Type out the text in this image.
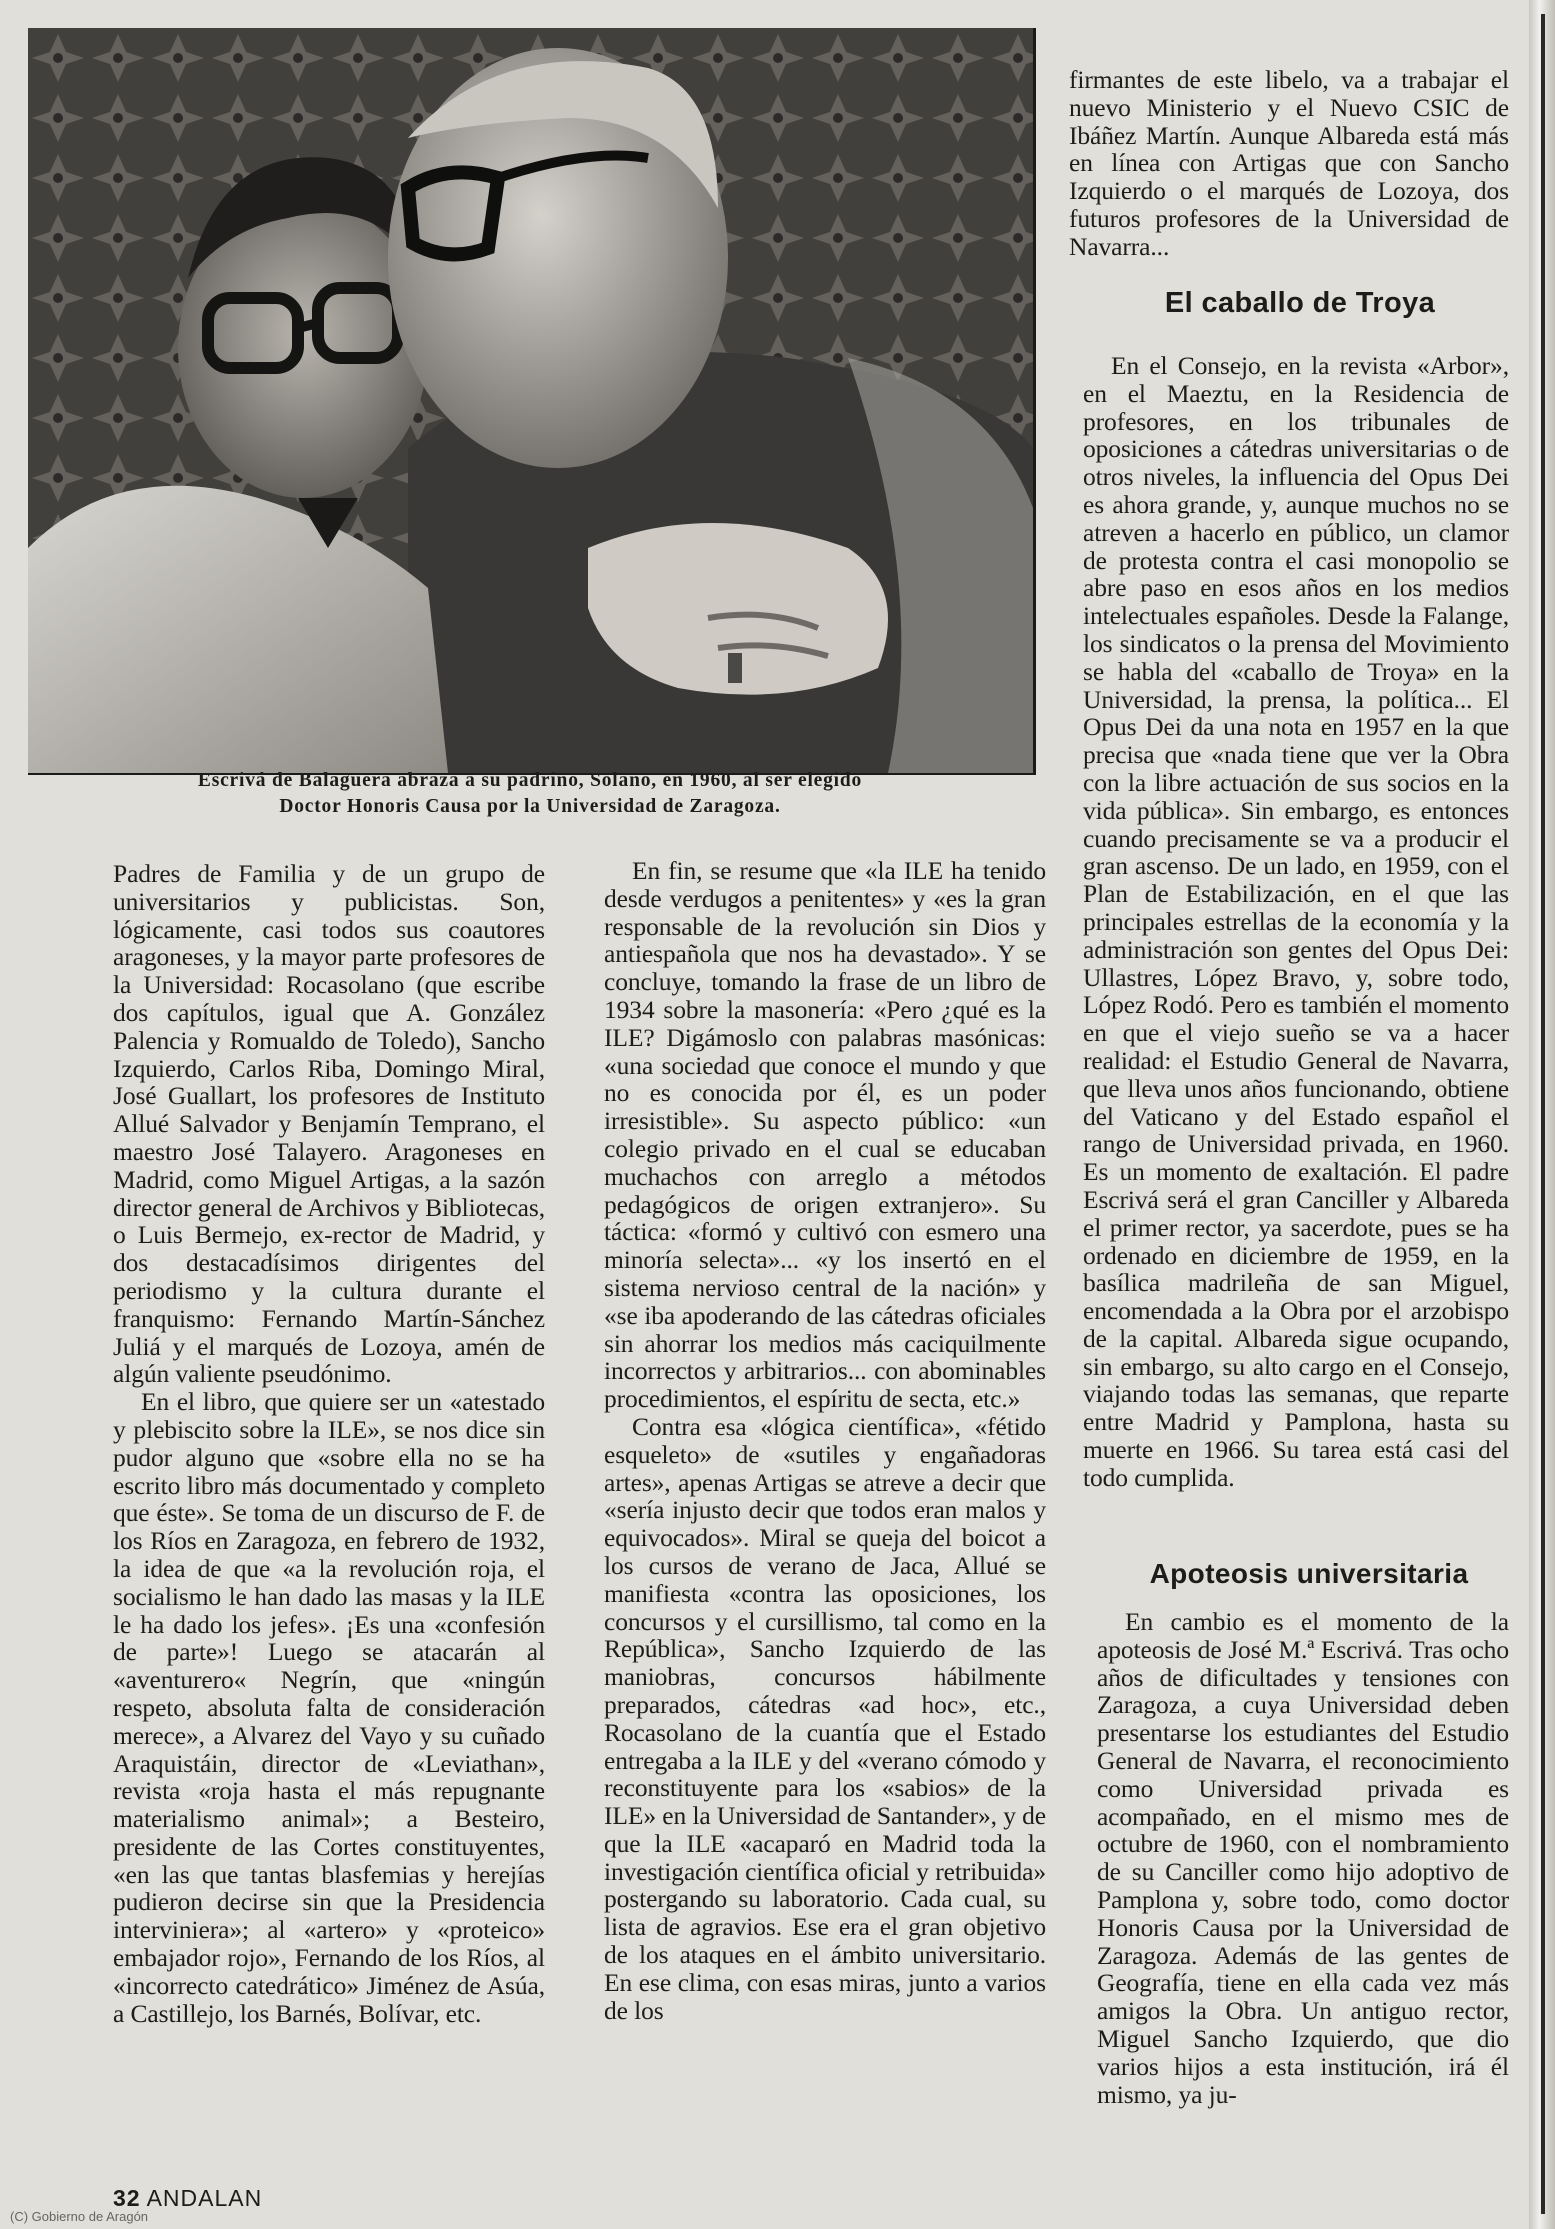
Escrivá de Balaguera abraza a su padrino, Solano, en 1960, al ser elegido
Doctor Honoris Causa por la Universidad de Zaragoza.

Padres de Familia y de un grupo de universitarios y publicistas. Son, lógicamente, casi todos sus coautores aragoneses, y la mayor parte profesores de la Universidad: Rocasolano (que escribe dos capítulos, igual que A. González Palencia y Romualdo de Toledo), Sancho Izquierdo, Carlos Riba, Domingo Miral, José Guallart, los profesores de Instituto Allué Salvador y Benjamín Temprano, el maestro José Talayero. Aragoneses en Madrid, como Miguel Artigas, a la sazón director general de Archivos y Bibliotecas, o Luis Bermejo, ex-rector de Madrid, y dos destacadísimos dirigentes del periodismo y la cultura durante el franquismo: Fernando Martín-Sánchez Juliá y el marqués de Lozoya, amén de algún valiente pseudónimo.

En el libro, que quiere ser un «atestado y plebiscito sobre la ILE», se nos dice sin pudor alguno que «sobre ella no se ha escrito libro más documentado y completo que éste». Se toma de un discurso de F. de los Ríos en Zaragoza, en febrero de 1932, la idea de que «a la revolución roja, el socialismo le han dado las masas y la ILE le ha dado los jefes». ¡Es una «confesión de parte»! Luego se atacarán al «aventurero« Negrín, que «ningún respeto, absoluta falta de consideración merece», a Alvarez del Vayo y su cuñado Araquistáin, director de «Leviathan», revista «roja hasta el más repugnante materialismo animal»; a Besteiro, presidente de las Cortes constituyentes, «en las que tantas blasfemias y herejías pudieron decirse sin que la Presidencia interviniera»; al «artero» y «proteico» embajador rojo», Fernando de los Ríos, al «incorrecto catedrático» Jiménez de Asúa, a Castillejo, los Barnés, Bolívar, etc.

En fin, se resume que «la ILE ha tenido desde verdugos a penitentes» y «es la gran responsable de la revolución sin Dios y antiespañola que nos ha devastado». Y se concluye, tomando la frase de un libro de 1934 sobre la masonería: «Pero ¿qué es la ILE? Digámoslo con palabras masónicas: «una sociedad que conoce el mundo y que no es conocida por él, es un poder irresistible». Su aspecto público: «un colegio privado en el cual se educaban muchachos con arreglo a métodos pedagógicos de origen extranjero». Su táctica: «formó y cultivó con esmero una minoría selecta»... «y los insertó en el sistema nervioso central de la nación» y «se iba apoderando de las cátedras oficiales sin ahorrar los medios más caciquilmente incorrectos y arbitrarios... con abominables procedimientos, el espíritu de secta, etc.»

Contra esa «lógica científica», «fétido esqueleto» de «sutiles y engañadoras artes», apenas Artigas se atreve a decir que «sería injusto decir que todos eran malos y equivocados». Miral se queja del boicot a los cursos de verano de Jaca, Allué se manifiesta «contra las oposiciones, los concursos y el cursillismo, tal como en la República», Sancho Izquierdo de las maniobras, concursos hábilmente preparados, cátedras «ad hoc», etc., Rocasolano de la cuantía que el Estado entregaba a la ILE y del «verano cómodo y reconstituyente para los «sabios» de la ILE» en la Universidad de Santander», y de que la ILE «acaparó en Madrid toda la investigación científica oficial y retribuida» postergando su laboratorio. Cada cual, su lista de agravios. Ese era el gran objetivo de los ataques en el ámbito universitario. En ese clima, con esas miras, junto a varios de los

firmantes de este libelo, va a trabajar el nuevo Ministerio y el Nuevo CSIC de Ibáñez Martín. Aunque Albareda está más en línea con Artigas que con Sancho Izquierdo o el marqués de Lozoya, dos futuros profesores de la Universidad de Navarra...

El caballo de Troya

En el Consejo, en la revista «Arbor», en el Maeztu, en la Residencia de profesores, en los tribunales de oposiciones a cátedras universitarias o de otros niveles, la influencia del Opus Dei es ahora grande, y, aunque muchos no se atreven a hacerlo en público, un clamor de protesta contra el casi monopolio se abre paso en esos años en los medios intelectuales españoles. Desde la Falange, los sindicatos o la prensa del Movimiento se habla del «caballo de Troya» en la Universidad, la prensa, la política... El Opus Dei da una nota en 1957 en la que precisa que «nada tiene que ver la Obra con la libre actuación de sus socios en la vida pública». Sin embargo, es entonces cuando precisamente se va a producir el gran ascenso. De un lado, en 1959, con el Plan de Estabilización, en el que las principales estrellas de la economía y la administración son gentes del Opus Dei: Ullastres, López Bravo, y, sobre todo, López Rodó. Pero es también el momento en que el viejo sueño se va a hacer realidad: el Estudio General de Navarra, que lleva unos años funcionando, obtiene del Vaticano y del Estado español el rango de Universidad privada, en 1960. Es un momento de exaltación. El padre Escrivá será el gran Canciller y Albareda el primer rector, ya sacerdote, pues se ha ordenado en diciembre de 1959, en la basílica madrileña de san Miguel, encomendada a la Obra por el arzobispo de la capital. Albareda sigue ocupando, sin embargo, su alto cargo en el Consejo, viajando todas las semanas, que reparte entre Madrid y Pamplona, hasta su muerte en 1966. Su tarea está casi del todo cumplida.

Apoteosis universitaria

En cambio es el momento de la apoteosis de José M.ª Escrivá. Tras ocho años de dificultades y tensiones con Zaragoza, a cuya Universidad deben presentarse los estudiantes del Estudio General de Navarra, el reconocimiento como Universidad privada es acompañado, en el mismo mes de octubre de 1960, con el nombramiento de su Canciller como hijo adoptivo de Pamplona y, sobre todo, como doctor Honoris Causa por la Universidad de Zaragoza. Además de las gentes de Geografía, tiene en ella cada vez más amigos la Obra. Un antiguo rector, Miguel Sancho Izquierdo, que dio varios hijos a esta institución, irá él mismo, ya ju-

32 ANDALAN
(C) Gobierno de Aragón
